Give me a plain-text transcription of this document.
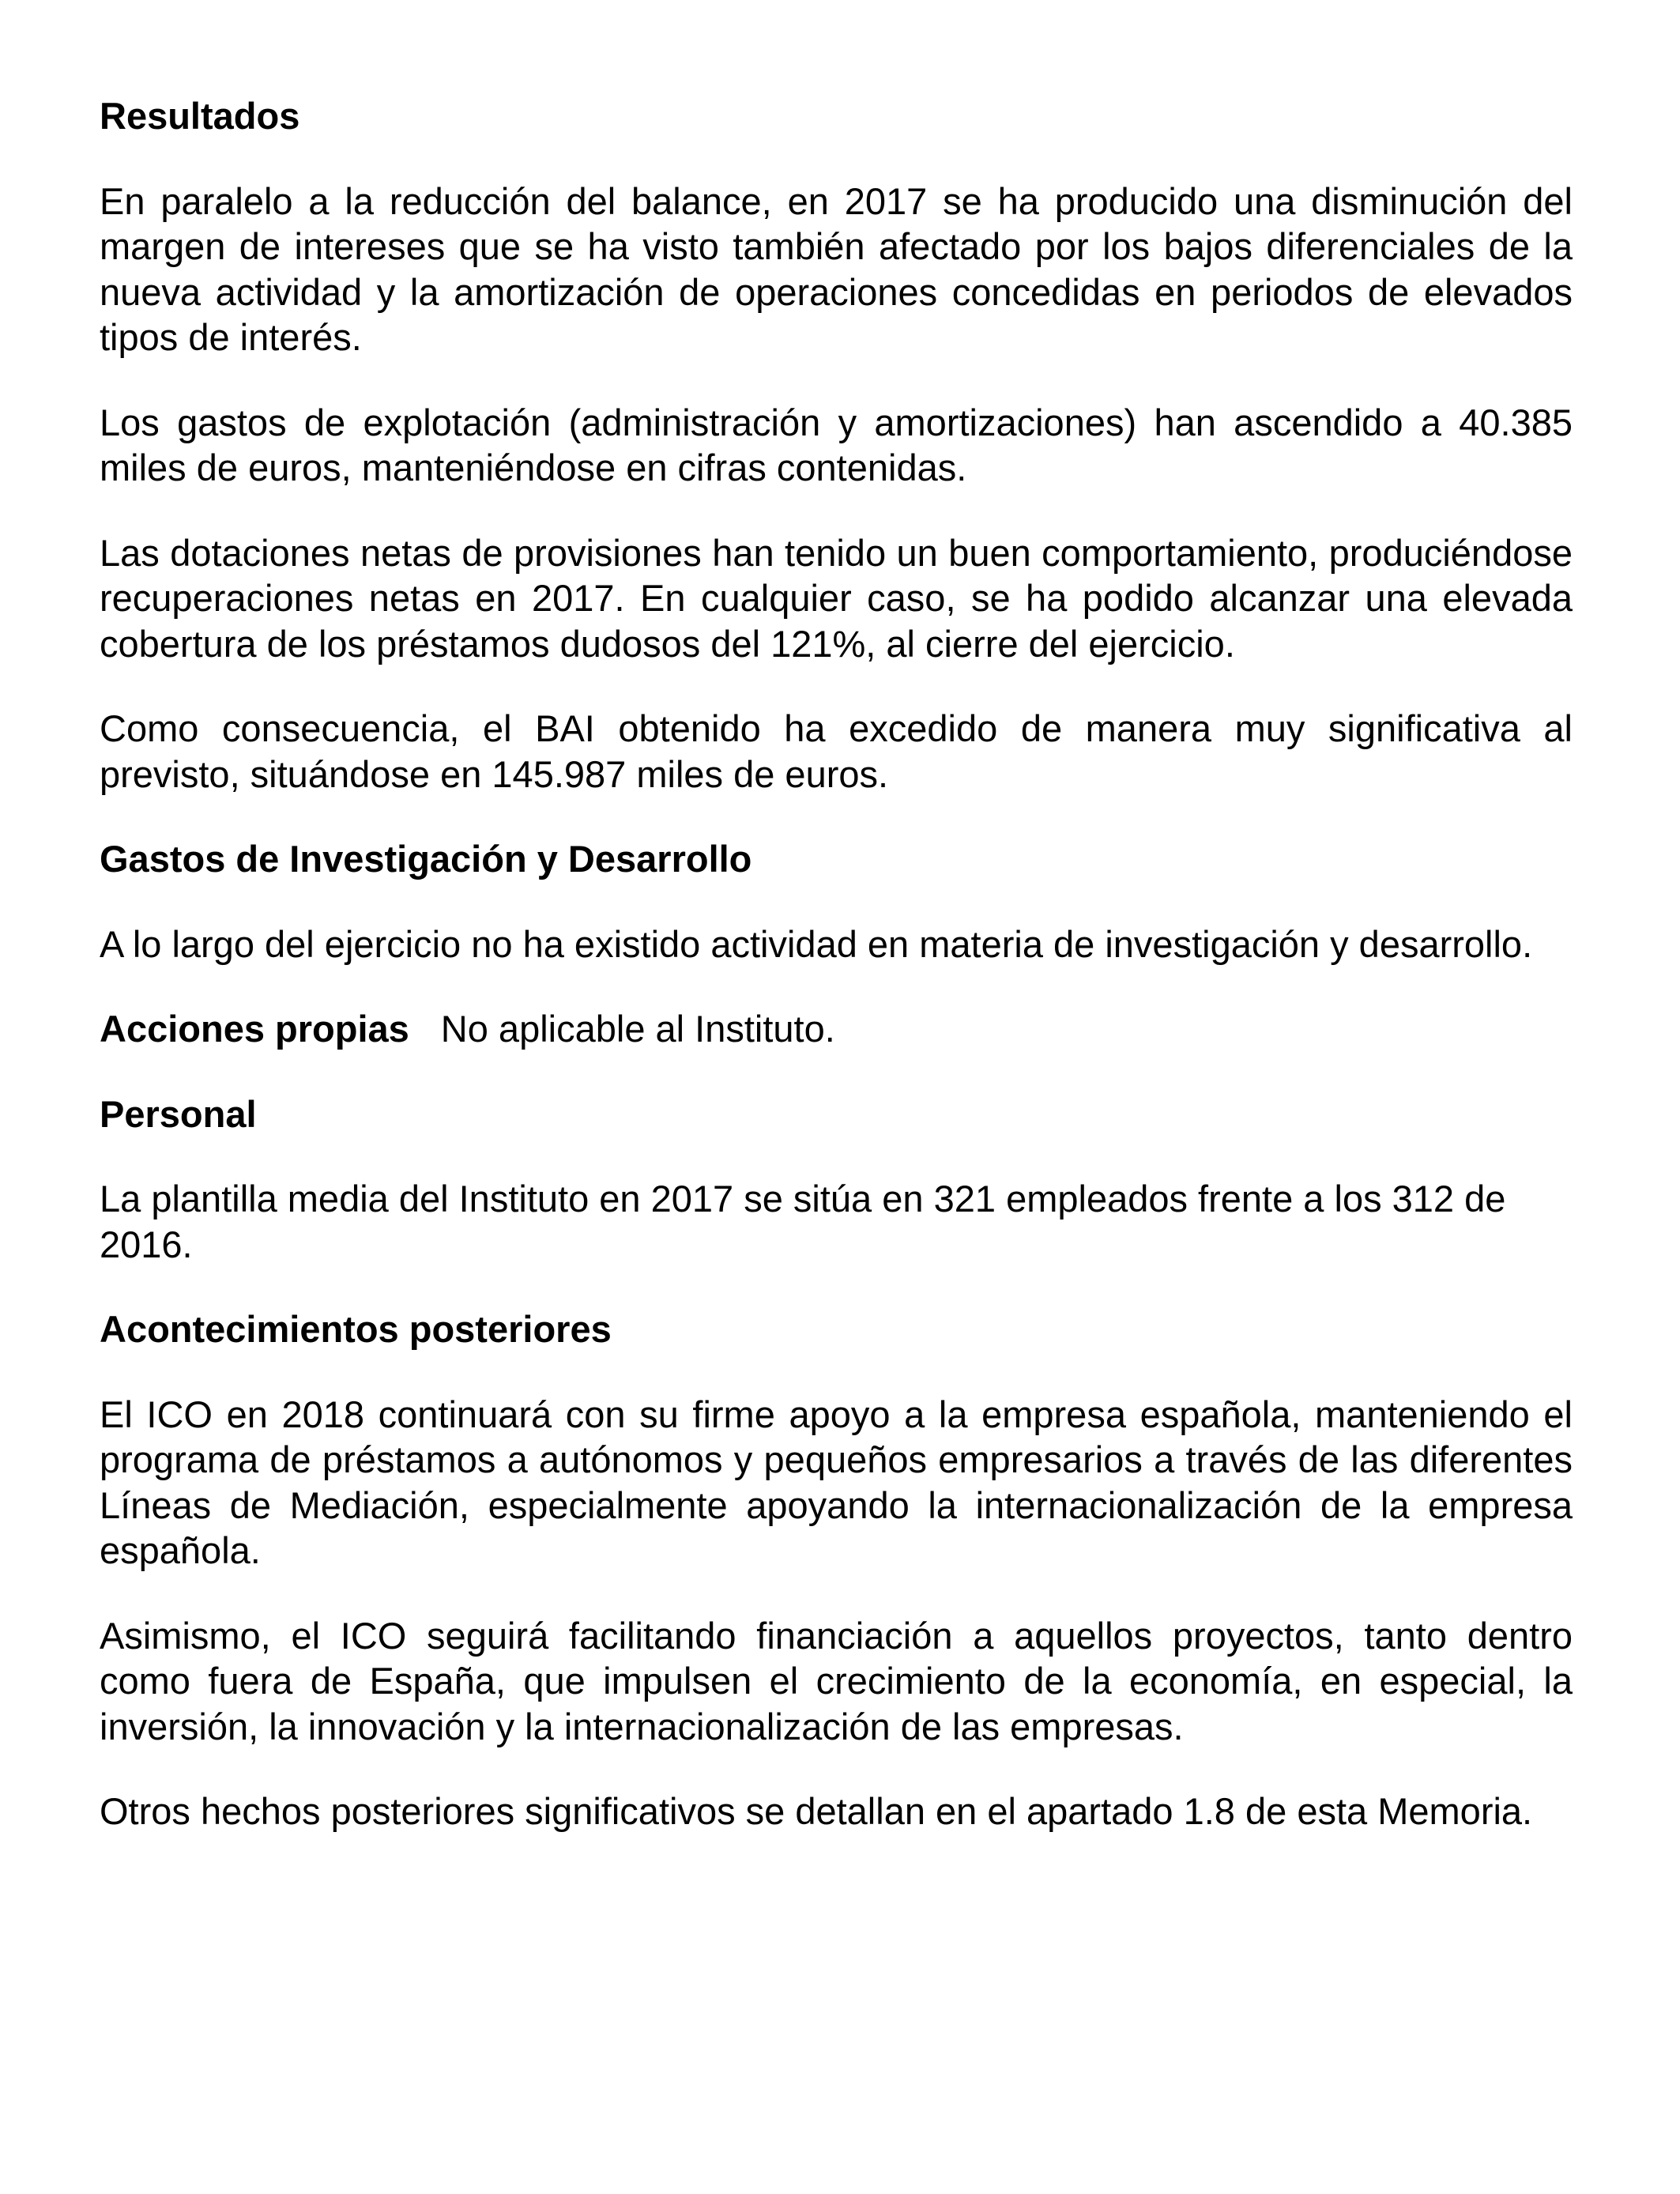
Resultados

En paralelo a la reducción del balance, en 2017 se ha producido una disminución del margen de intereses que se ha visto también afectado por los bajos diferenciales de la nueva actividad y la amortización de operaciones concedidas en periodos de elevados tipos de interés.

Los gastos de explotación (administración y amortizaciones) han ascendido a 40.385 miles de euros, manteniéndose en cifras contenidas.

Las dotaciones netas de provisiones han tenido un buen comportamiento, produciéndose recuperaciones netas en 2017. En cualquier caso, se ha podido alcanzar una elevada cobertura de los préstamos dudosos del 121%, al cierre del ejercicio.

Como consecuencia, el BAI obtenido ha excedido de manera muy significativa al previsto, situándose en 145.987 miles de euros.

Gastos de Investigación y Desarrollo

A lo largo del ejercicio no ha existido actividad en materia de investigación y desarrollo.

Acciones propias No aplicable al Instituto.
Personal

La plantilla media del Instituto en 2017 se sitúa en 321 empleados frente a los 312 de 2016.

Acontecimientos posteriores

El ICO en 2018 continuará con su firme apoyo a la empresa española, manteniendo el programa de préstamos a autónomos y pequeños empresarios a través de las diferentes Líneas de Mediación, especialmente apoyando la internacionalización de la empresa española.

Asimismo, el ICO seguirá facilitando financiación a aquellos proyectos, tanto dentro como fuera de España, que impulsen el crecimiento de la economía, en especial, la inversión, la innovación y la internacionalización de las empresas.

Otros hechos posteriores significativos se detallan en el apartado 1.8 de esta Memoria.
